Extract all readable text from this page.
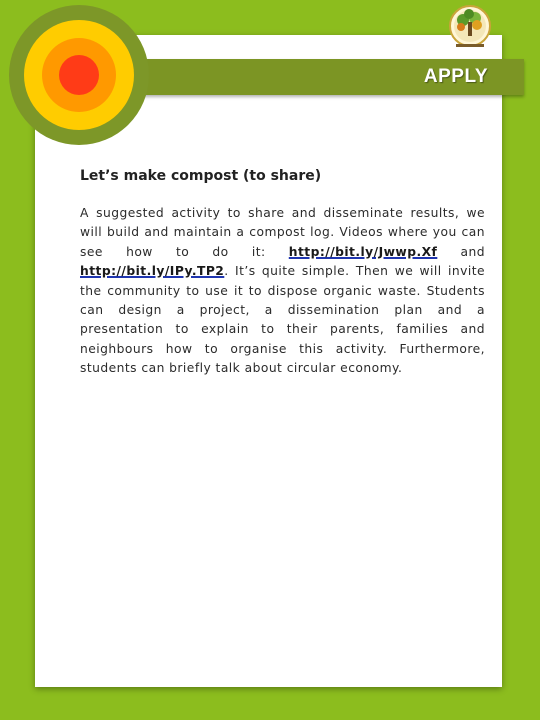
APPLY
Let’s make compost (to share)

A suggested activity to share and disseminate results, we will build and maintain a compost log. Videos where you can see how to do it: http://bit.ly/Jwwp.Xf and http://bit.ly/IPy.TP2. It’s quite simple. Then we will invite the community to use it to dispose organic waste. Students can design a project, a dissemination plan and a presentation to explain to their parents, families and neighbours how to organise this activity. Furthermore, students can briefly talk about circular economy.
